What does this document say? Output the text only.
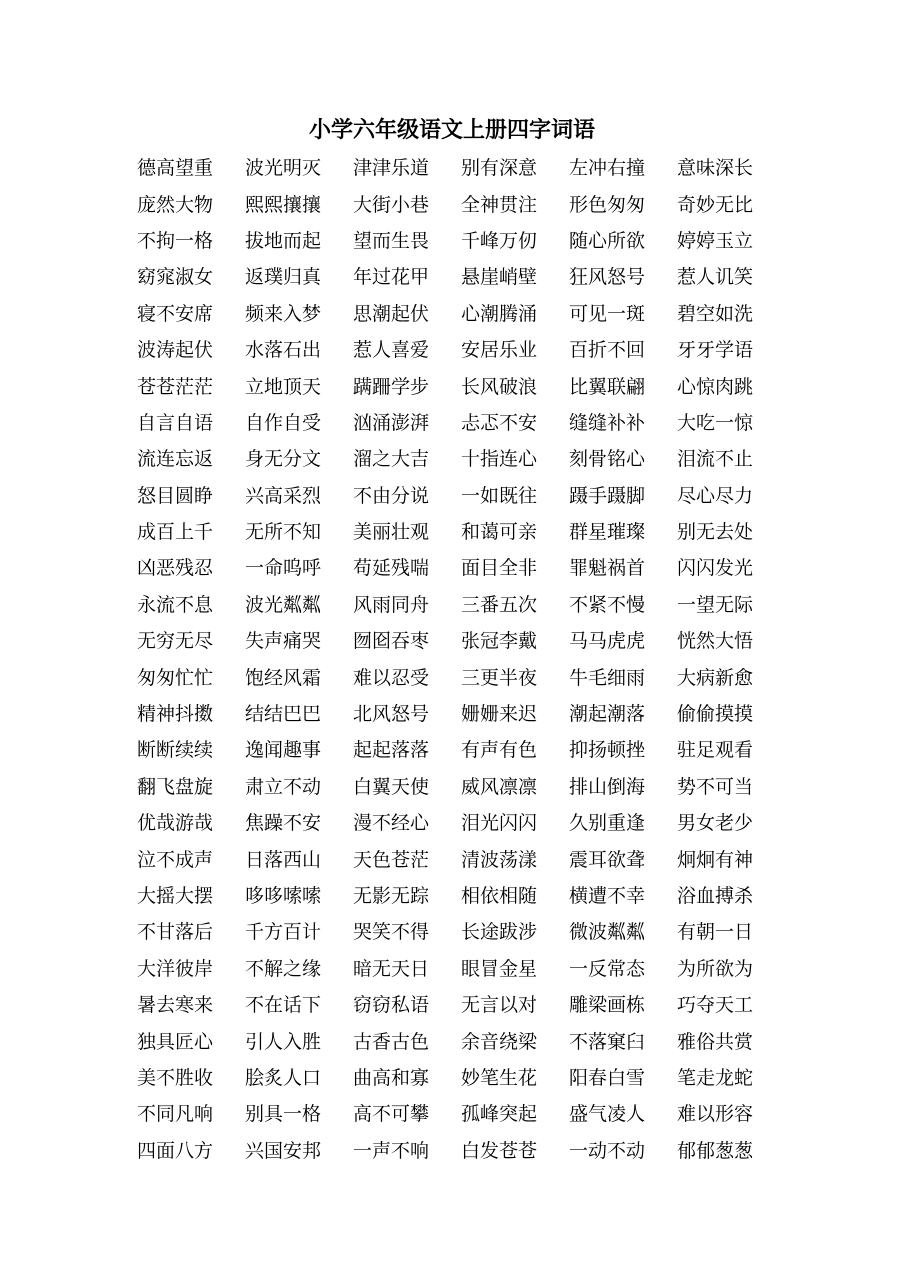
小学六年级语文上册四字词语
德高望重	波光明灭	津津乐道	别有深意	左冲右撞	意味深长
庞然大物	熙熙攘攘	大街小巷	全神贯注	形色匆匆	奇妙无比
不拘一格	拔地而起	望而生畏	千峰万仞	随心所欲	婷婷玉立
窈窕淑女	返璞归真	年过花甲	悬崖峭壁	狂风怒号	惹人讥笑
寝不安席	频来入梦	思潮起伏	心潮腾涌	可见一斑	碧空如洗
波涛起伏	水落石出	惹人喜爱	安居乐业	百折不回	牙牙学语
苍苍茫茫	立地顶天	蹒跚学步	长风破浪	比翼联翩	心惊肉跳
自言自语	自作自受	汹涌澎湃	忐忑不安	缝缝补补	大吃一惊
流连忘返	身无分文	溜之大吉	十指连心	刻骨铭心	泪流不止
怒目圆睁	兴高采烈	不由分说	一如既往	蹑手蹑脚	尽心尽力
成百上千	无所不知	美丽壮观	和蔼可亲	群星璀璨	别无去处
凶恶残忍	一命呜呼	苟延残喘	面目全非	罪魁祸首	闪闪发光
永流不息	波光粼粼	风雨同舟	三番五次	不紧不慢	一望无际
无穷无尽	失声痛哭	囫囵吞枣	张冠李戴	马马虎虎	恍然大悟
匆匆忙忙	饱经风霜	难以忍受	三更半夜	牛毛细雨	大病新愈
精神抖擞	结结巴巴	北风怒号	姗姗来迟	潮起潮落	偷偷摸摸
断断续续	逸闻趣事	起起落落	有声有色	抑扬顿挫	驻足观看
翻飞盘旋	肃立不动	白翼天使	威风凛凛	排山倒海	势不可当
优哉游哉	焦躁不安	漫不经心	泪光闪闪	久别重逢	男女老少
泣不成声	日落西山	天色苍茫	清波荡漾	震耳欲聋	炯炯有神
大摇大摆	哆哆嗦嗦	无影无踪	相依相随	横遭不幸	浴血搏杀
不甘落后	千方百计	哭笑不得	长途跋涉	微波粼粼	有朝一日
大洋彼岸	不解之缘	暗无天日	眼冒金星	一反常态	为所欲为
暑去寒来	不在话下	窃窃私语	无言以对	雕梁画栋	巧夺天工
独具匠心	引人入胜	古香古色	余音绕梁	不落窠臼	雅俗共赏
美不胜收	脍炙人口	曲高和寡	妙笔生花	阳春白雪	笔走龙蛇
不同凡响	别具一格	高不可攀	孤峰突起	盛气凌人	难以形容
四面八方	兴国安邦	一声不响	白发苍苍	一动不动	郁郁葱葱
